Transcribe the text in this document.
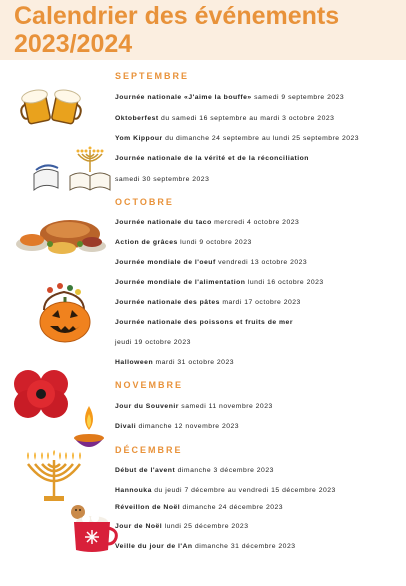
Calendrier des événements
2023/2024
SEPTEMBRE
OCTOBRE
NOVEMBRE
DÉCEMBRE
Journée nationale «J'aime la bouffe» samedi 9 septembre 2023
Oktoberfest du samedi 16 septembre au mardi 3 octobre 2023
Yom Kippour du dimanche 24 septembre au lundi 25 septembre 2023
Journée nationale de la vérité et de la réconciliation
samedi 30 septembre 2023
Journée nationale du taco mercredi 4 octobre 2023
Action de grâces lundi 9 octobre 2023
Journée mondiale de l'oeuf vendredi 13 octobre 2023
Journée mondiale de l'alimentation lundi 16 octobre 2023
Journée nationale des pâtes mardi 17 octobre 2023
Journée nationale des poissons et fruits de mer
jeudi 19 octobre 2023
Halloween mardi 31 octobre 2023
Jour du Souvenir samedi 11 novembre 2023
Divali dimanche 12 novembre 2023
Début de l'avent dimanche 3 décembre 2023
Hannouka du jeudi 7 décembre au vendredi 15 décembre 2023
Réveillon de Noël dimanche 24 décembre 2023
Jour de Noël lundi 25 décembre 2023
Veille du jour de l'An dimanche 31 décembre 2023
